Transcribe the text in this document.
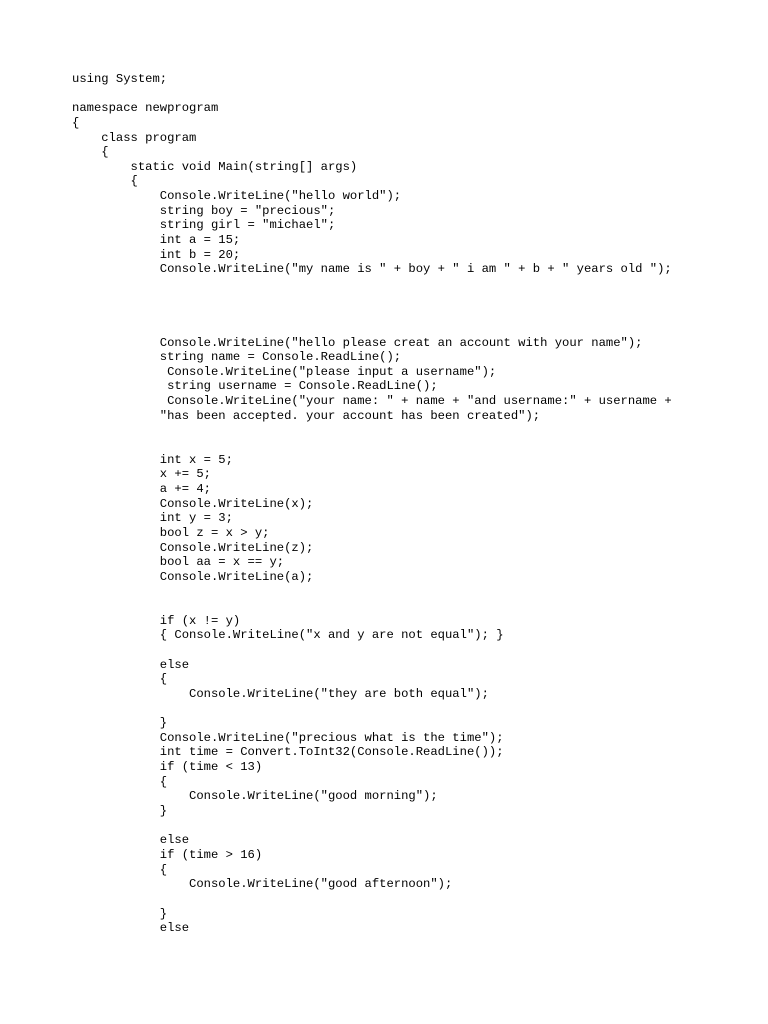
using System;
namespace newprogram
{
class program
{
static void Main(string[] args)
{
Console.WriteLine("hello world");
string boy = "precious";
string girl = "michael";
int a = 15;
int b = 20;
Console.WriteLine("my name is " + boy + " i am " + b + " years old ");
Console.WriteLine("hello please creat an account with your name");
string name = Console.ReadLine();
Console.WriteLine("please input a username");
string username = Console.ReadLine();
Console.WriteLine("your name: " + name + "and username:" + username +
"has been accepted. your account has been created");
int x = 5;
x += 5;
a += 4;
Console.WriteLine(x);
int y = 3;
bool z = x > y;
Console.WriteLine(z);
bool aa = x == y;
Console.WriteLine(a);
if (x != y)
{ Console.WriteLine("x and y are not equal"); }
else
{
Console.WriteLine("they are both equal");
}
Console.WriteLine("precious what is the time");
int time = Convert.ToInt32(Console.ReadLine());
if (time < 13)
{
Console.WriteLine("good morning");
}
else
if (time > 16)
{
Console.WriteLine("good afternoon");
}
else
